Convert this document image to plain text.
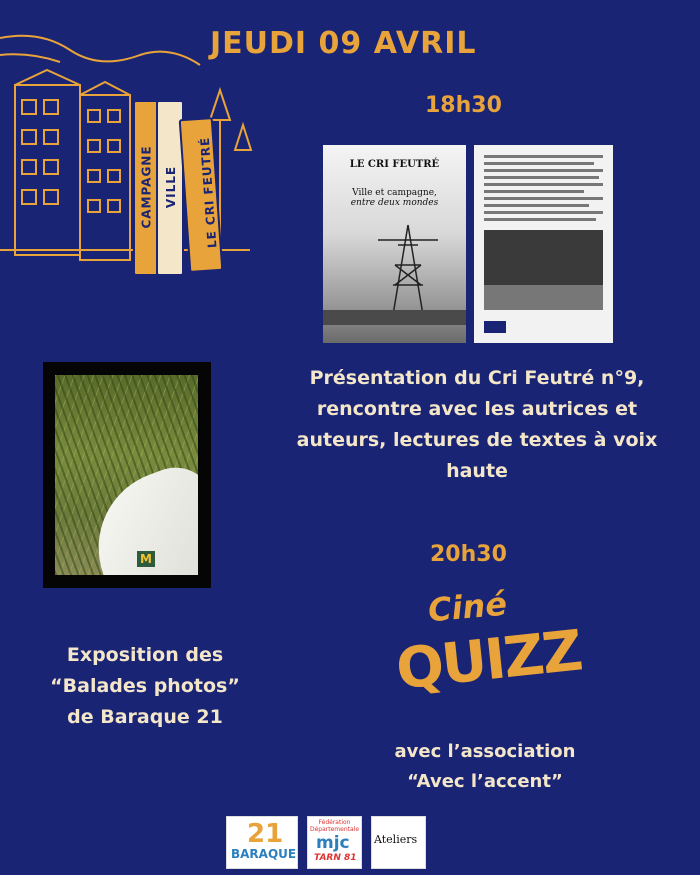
CAMPAGNE VILLE LE CRI FEUTRÉ
JEUDI 09 AVRIL
18h30
LE CRI FEUTRÉ
Ville et campagne,
entre deux mondes
Présentation du Cri Feutré n°9, rencontre avec les autrices et auteurs, lectures de textes à voix haute
M
Exposition des
“Balades photos”
de Baraque 21
20h30
Ciné
QUIZZ
avec l’association
“Avec l’accent”
21
BARAQUE
Fédération Départementale
mjc
TARN 81
Ateliers
